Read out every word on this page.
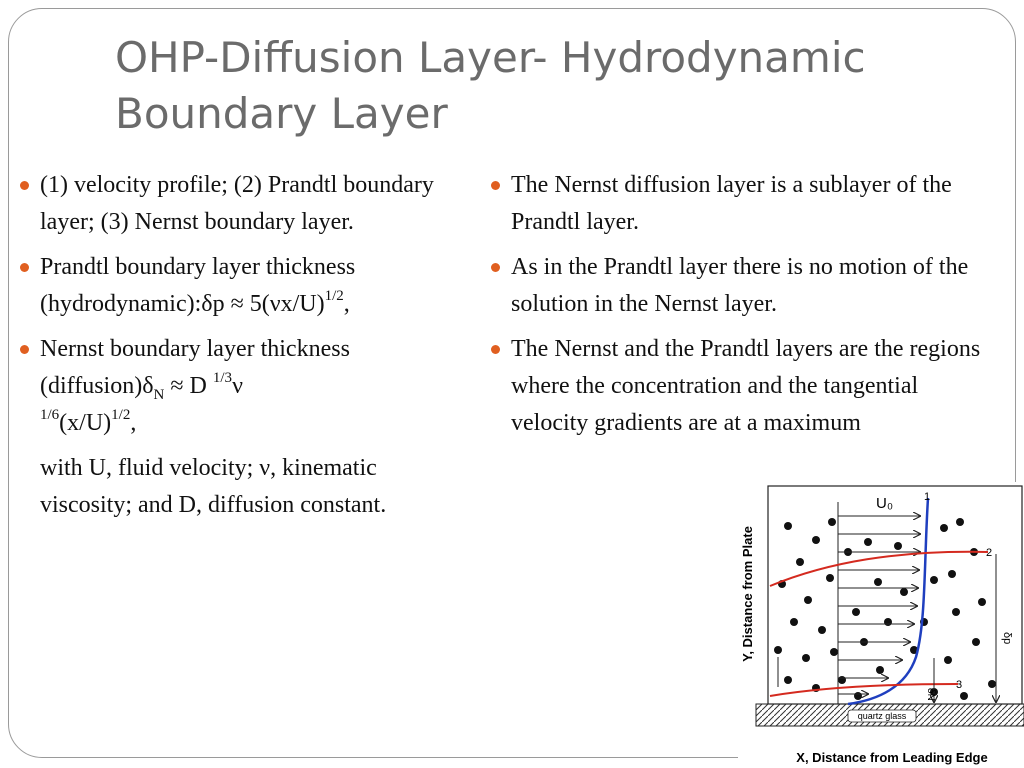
OHP-Diffusion Layer- Hydrodynamic Boundary Layer
(1) velocity profile; (2) Prandtl boundary layer; (3) Nernst boundary layer.
Prandtl boundary layer thickness (hydrodynamic):δp ≈ $5(\nu x/U)^{1/2}$,
Nernst boundary layer thickness $(diffusion)\delta_N \approx D$ $^{1/3}$ν
$^{1/6}(x/U)^{1/2}$,
with U, fluid velocity; ν, kinematic viscosity; and D, diffusion constant.
The Nernst diffusion layer is a sublayer of the Prandtl layer.
As in the Prandtl layer there is no motion of the solution in the Nernst layer.
The Nernst and the Prandtl layers are the regions where the concentration and the tangential velocity gradients are at a maximum
quartz glass
U₀	1
2
3
δp
δN
Y, Distance from Plate
X, Distance from Leading Edge
